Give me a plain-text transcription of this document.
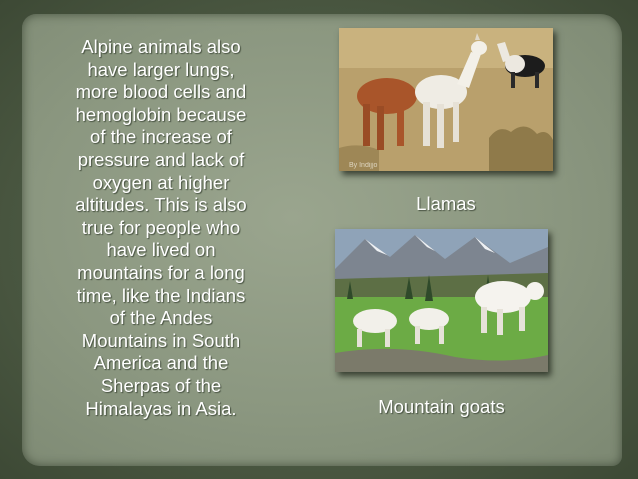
Alpine animals also
have larger lungs,
more blood cells and
hemoglobin because
of the increase of
pressure and lack of
oxygen at higher
altitudes. This is also
true for people who
have lived on
mountains for a long
time, like the Indians
of the Andes
Mountains in South
America and the
Sherpas of the
Himalayas in Asia.
By Indijjo
Llamas
Mountain goats
